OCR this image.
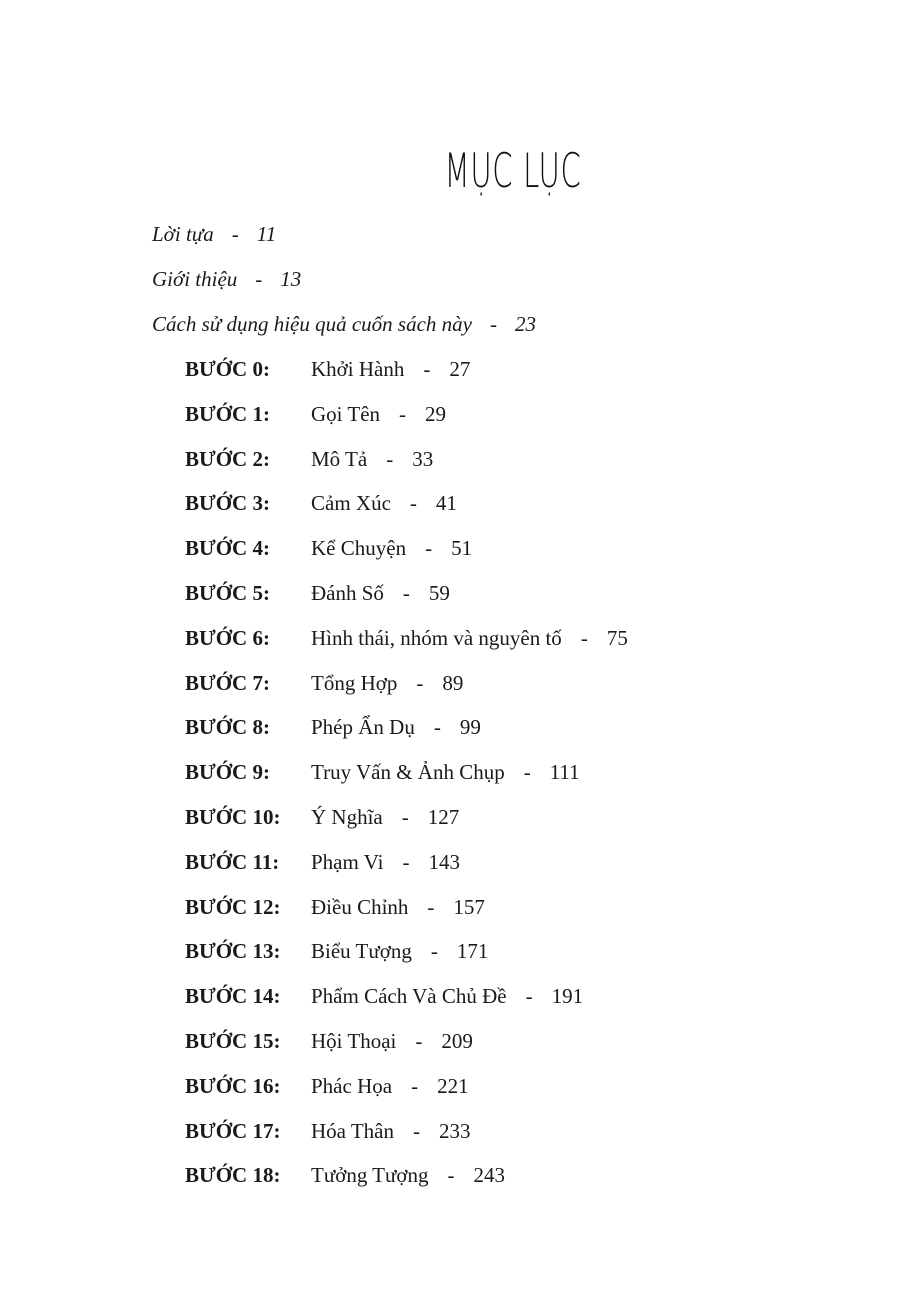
MỤC LỤC
Lời tựa - 11
Giới thiệu - 13
Cách sử dụng hiệu quả cuốn sách này - 23
BƯỚC 0:	Khởi Hành - 27
BƯỚC 1:	Gọi Tên - 29
BƯỚC 2:	Mô Tả - 33
BƯỚC 3:	Cảm Xúc - 41
BƯỚC 4:	Kể Chuyện - 51
BƯỚC 5:	Đánh Số - 59
BƯỚC 6:	Hình thái, nhóm và nguyên tố - 75
BƯỚC 7:	Tổng Hợp - 89
BƯỚC 8:	Phép Ẩn Dụ - 99
BƯỚC 9:	Truy Vấn & Ảnh Chụp - 111
BƯỚC 10:	Ý Nghĩa - 127
BƯỚC 11:	Phạm Vi - 143
BƯỚC 12:	Điều Chỉnh - 157
BƯỚC 13:	Biểu Tượng - 171
BƯỚC 14:	Phẩm Cách Và Chủ Đề - 191
BƯỚC 15:	Hội Thoại - 209
BƯỚC 16:	Phác Họa - 221
BƯỚC 17:	Hóa Thân - 233
BƯỚC 18:	Tưởng Tượng - 243
